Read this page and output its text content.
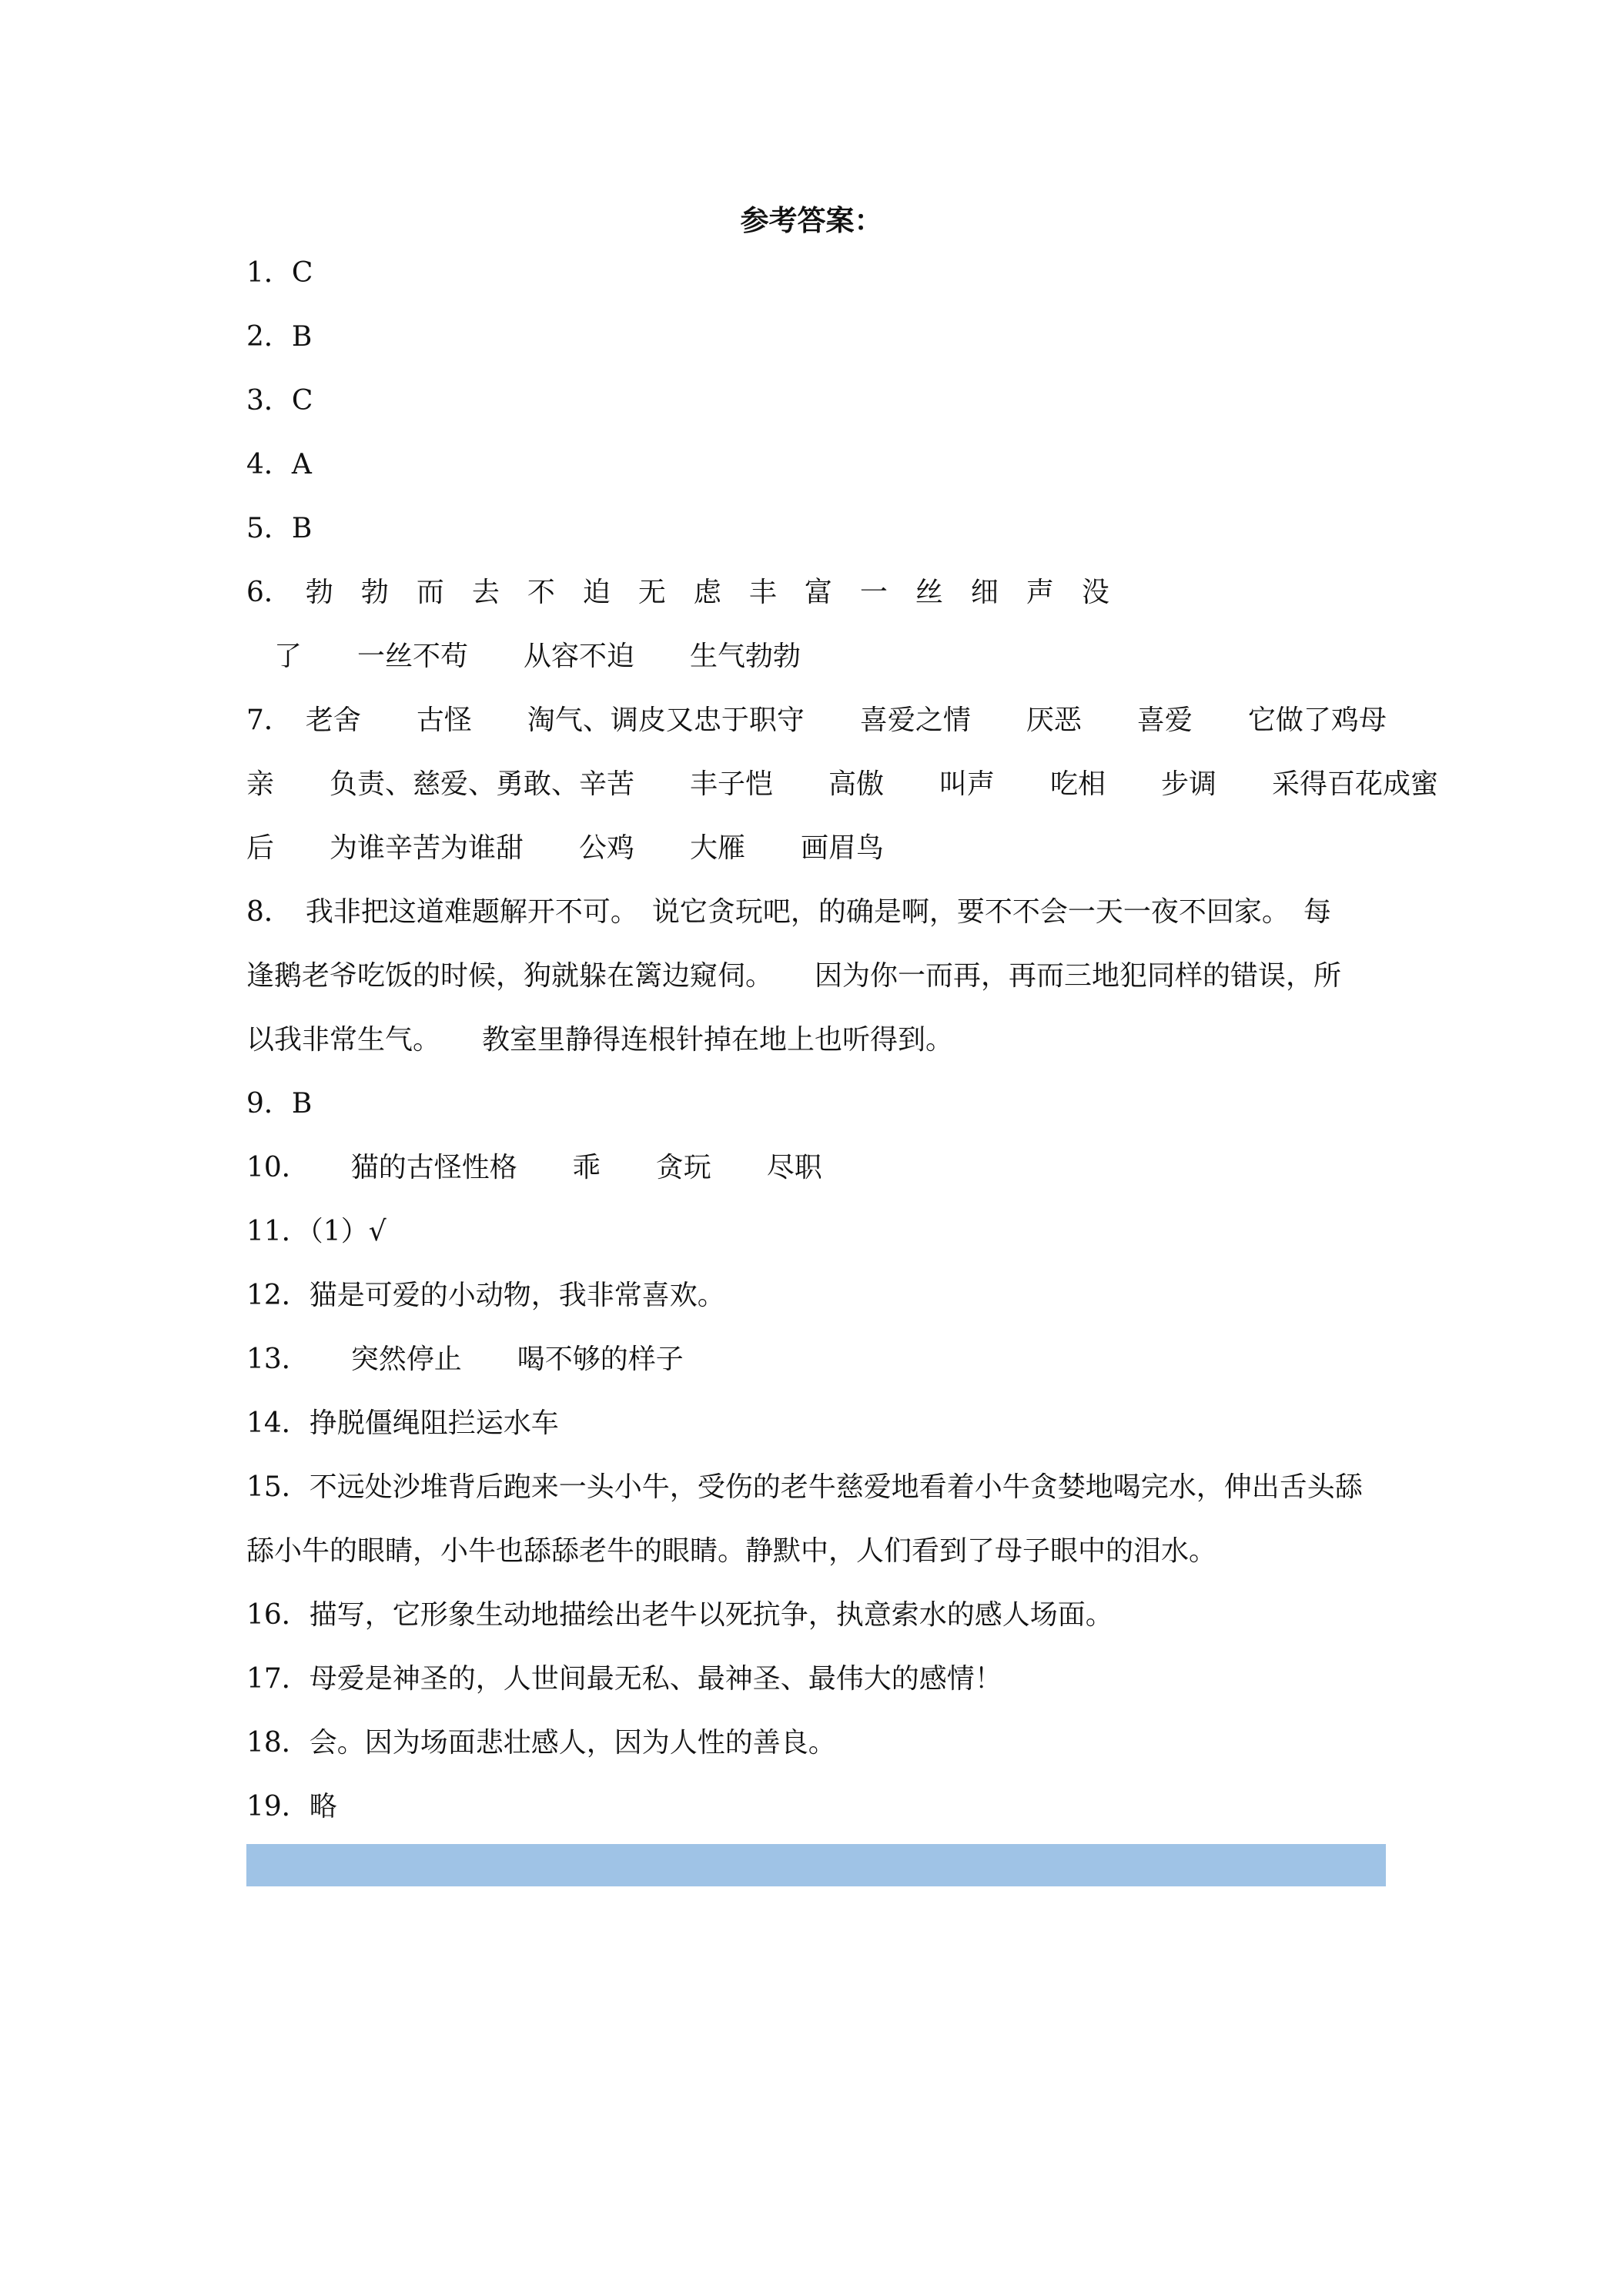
参考答案：
1．C
2．B
3．C
4．A
5．B
6．　勃　勃　而　去　不　迫　无　虑　丰　富　一　丝　细　声　没
　了　　一丝不苟　　从容不迫　　生气勃勃
7．　老舍　　古怪　　淘气、调皮又忠于职守　　喜爱之情　　厌恶　　喜爱　　它做了鸡母
亲　　负责、慈爱、勇敢、辛苦　　丰子恺　　高傲　　叫声　　吃相　　步调　　采得百花成蜜
后　　为谁辛苦为谁甜　　公鸡　　大雁　　画眉鸟
8．　我非把这道难题解开不可。　说它贪玩吧，的确是啊，要不不会一天一夜不回家。　每
逢鹅老爷吃饭的时候，狗就躲在篱边窥伺。　　因为你一而再，再而三地犯同样的错误，所
以我非常生气。　　教室里静得连根针掉在地上也听得到。
9．B
10．　　猫的古怪性格　　乖　　贪玩　　尽职
11．（1）√
12．猫是可爱的小动物，我非常喜欢。
13．　　突然停止　　喝不够的样子
14．挣脱僵绳阻拦运水车
15．不远处沙堆背后跑来一头小牛，受伤的老牛慈爱地看着小牛贪婪地喝完水，伸出舌头舔
舔小牛的眼睛，小牛也舔舔老牛的眼睛。静默中，人们看到了母子眼中的泪水。
16．描写，它形象生动地描绘出老牛以死抗争，执意索水的感人场面。
17．母爱是神圣的，人世间最无私、最神圣、最伟大的感情！
18．会。因为场面悲壮感人，因为人性的善良。
19．略
